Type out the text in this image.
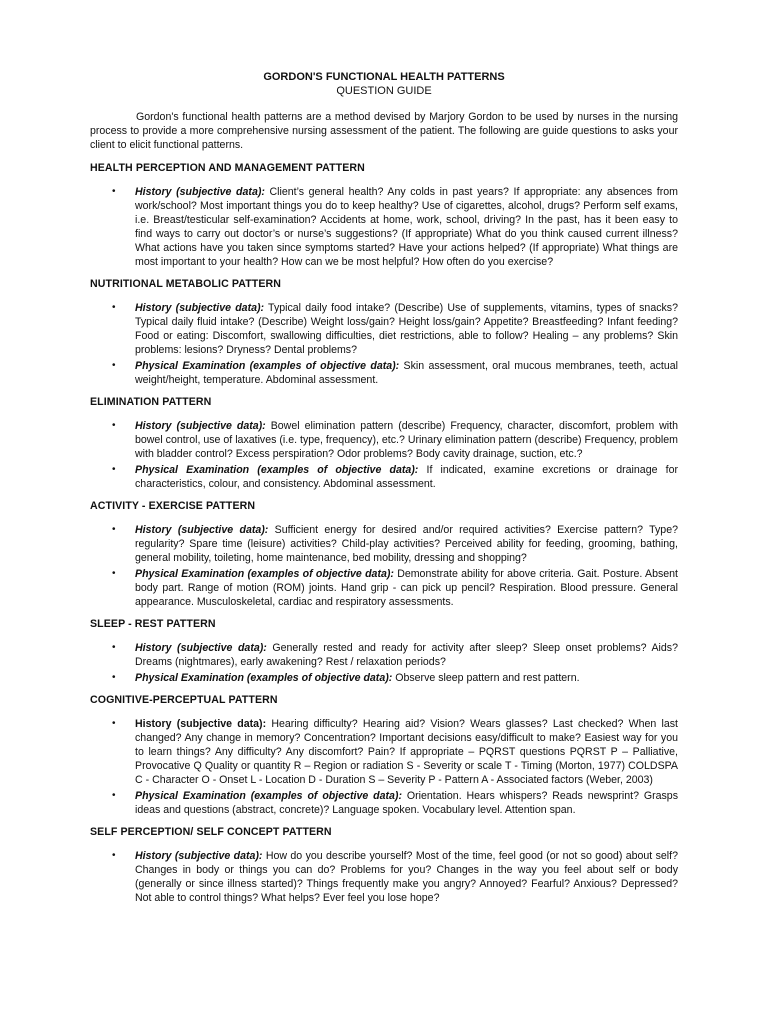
GORDON'S FUNCTIONAL HEALTH PATTERNS

QUESTION GUIDE

Gordon's functional health patterns are a method devised by Marjory Gordon to be used by nurses in the nursing process to provide a more comprehensive nursing assessment of the patient. The following are guide questions to asks your client to elicit functional patterns.

HEALTH PERCEPTION AND MANAGEMENT PATTERN
• History (subjective data): Client’s general health? Any colds in past years? If appropriate: any absences from work/school? Most important things you do to keep healthy? Use of cigarettes, alcohol, drugs? Perform self exams, i.e. Breast/testicular self-examination? Accidents at home, work, school, driving? In the past, has it been easy to find ways to carry out doctor’s or nurse’s suggestions? (If appropriate) What do you think caused current illness? What actions have you taken since symptoms started? Have your actions helped? (If appropriate) What things are most important to your health? How can we be most helpful? How often do you exercise?
NUTRITIONAL METABOLIC PATTERN
• History (subjective data): Typical daily food intake? (Describe) Use of supplements, vitamins, types of snacks? Typical daily fluid intake? (Describe) Weight loss/gain? Height loss/gain? Appetite? Breastfeeding? Infant feeding? Food or eating: Discomfort, swallowing difficulties, diet restrictions, able to follow? Healing – any problems? Skin problems: lesions? Dryness? Dental problems?
• Physical Examination (examples of objective data): Skin assessment, oral mucous membranes, teeth, actual weight/height, temperature. Abdominal assessment.
ELIMINATION PATTERN
• History (subjective data): Bowel elimination pattern (describe) Frequency, character, discomfort, problem with bowel control, use of laxatives (i.e. type, frequency), etc.? Urinary elimination pattern (describe) Frequency, problem with bladder control? Excess perspiration? Odor problems? Body cavity drainage, suction, etc.?
• Physical Examination (examples of objective data): If indicated, examine excretions or drainage for characteristics, colour, and consistency. Abdominal assessment.
ACTIVITY - EXERCISE PATTERN
• History (subjective data): Sufficient energy for desired and/or required activities? Exercise pattern? Type? regularity? Spare time (leisure) activities? Child-play activities? Perceived ability for feeding, grooming, bathing, general mobility, toileting, home maintenance, bed mobility, dressing and shopping?
• Physical Examination (examples of objective data): Demonstrate ability for above criteria. Gait. Posture. Absent body part. Range of motion (ROM) joints. Hand grip - can pick up pencil? Respiration. Blood pressure. General appearance. Musculoskeletal, cardiac and respiratory assessments.
SLEEP - REST PATTERN
• History (subjective data): Generally rested and ready for activity after sleep? Sleep onset problems? Aids? Dreams (nightmares), early awakening? Rest / relaxation periods?
• Physical Examination (examples of objective data): Observe sleep pattern and rest pattern.
COGNITIVE-PERCEPTUAL PATTERN
• History (subjective data): Hearing difficulty? Hearing aid? Vision? Wears glasses? Last checked? When last changed? Any change in memory? Concentration? Important decisions easy/difficult to make? Easiest way for you to learn things? Any difficulty? Any discomfort? Pain? If appropriate – PQRST questions PQRST P – Palliative, Provocative Q Quality or quantity R – Region or radiation S - Severity or scale T - Timing (Morton, 1977) COLDSPA C - Character O - Onset L - Location D - Duration S – Severity P - Pattern A - Associated factors (Weber, 2003)
• Physical Examination (examples of objective data): Orientation. Hears whispers? Reads newsprint? Grasps ideas and questions (abstract, concrete)? Language spoken. Vocabulary level. Attention span.
SELF PERCEPTION/ SELF CONCEPT PATTERN
• History (subjective data): How do you describe yourself? Most of the time, feel good (or not so good) about self? Changes in body or things you can do? Problems for you? Changes in the way you feel about self or body (generally or since illness started)? Things frequently make you angry? Annoyed? Fearful? Anxious? Depressed? Not able to control things? What helps? Ever feel you lose hope?
